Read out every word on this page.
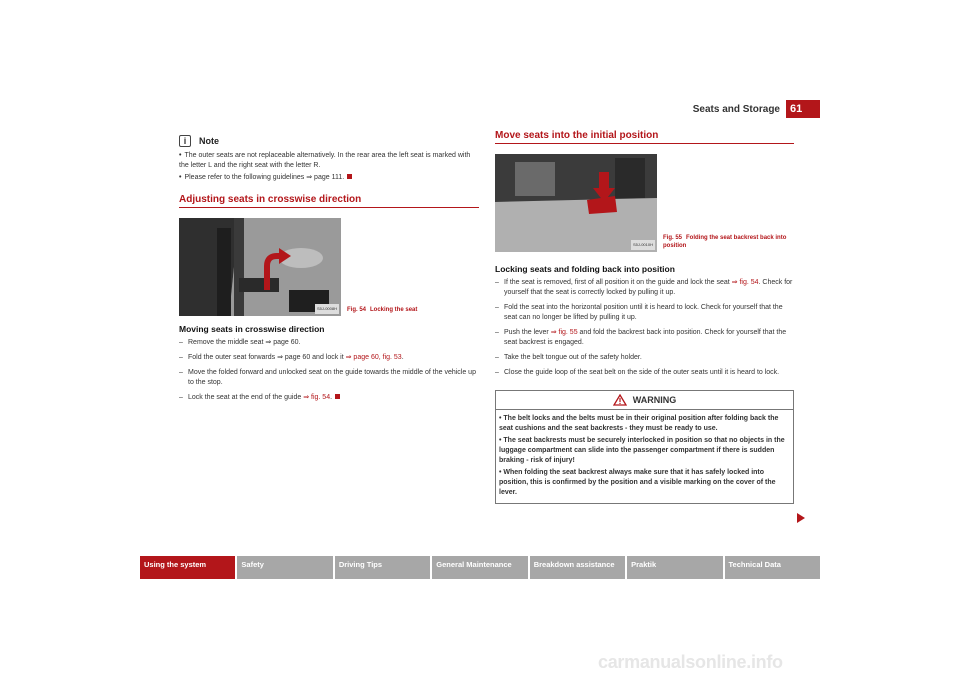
Seats and Storage 61
i	Note

• The outer seats are not replaceable alternatively. In the rear area the left seat is marked with the letter L and the right seat with the letter R.

• Please refer to the following guidelines ⇒ page 111.

Adjusting seats in crosswise direction
S5J-0008H	Fig. 54 Locking the seat
Moving seats in crosswise direction
– Remove the middle seat ⇒ page 60.
– Fold the outer seat forwards ⇒ page 60 and lock it ⇒ page 60, fig. 53.
– Move the folded forward and unlocked seat on the guide towards the middle of the vehicle up to the stop.
– Lock the seat at the end of the guide ⇒ fig. 54.
Move seats into the initial position
S5J-0010H
Fig. 55 Folding the seat backrest back into position
Locking seats and folding back into position
– If the seat is removed, first of all position it on the guide and lock the seat ⇒ fig. 54. Check for yourself that the seat is correctly locked by pulling it up.
– Fold the seat into the horizontal position until it is heard to lock. Check for yourself that the seat can no longer be lifted by pulling it up.
– Push the lever ⇒ fig. 55 and fold the backrest back into position. Check for yourself that the seat backrest is engaged.
– Take the belt tongue out of the safety holder.
– Close the guide loop of the seat belt on the side of the outer seats until it is heard to lock.
WARNING

• The belt locks and the belts must be in their original position after folding back the seat cushions and the seat backrests - they must be ready to use.

• The seat backrests must be securely interlocked in position so that no objects in the luggage compartment can slide into the passenger compartment if there is sudden braking - risk of injury!

• When folding the seat backrest always make sure that it has safely locked into position, this is confirmed by the position and a visible marking on the cover of the lever.

Using the system	Safety	Driving Tips	General Maintenance	Breakdown assistance	Praktik	Technical Data
carmanualsonline.info
